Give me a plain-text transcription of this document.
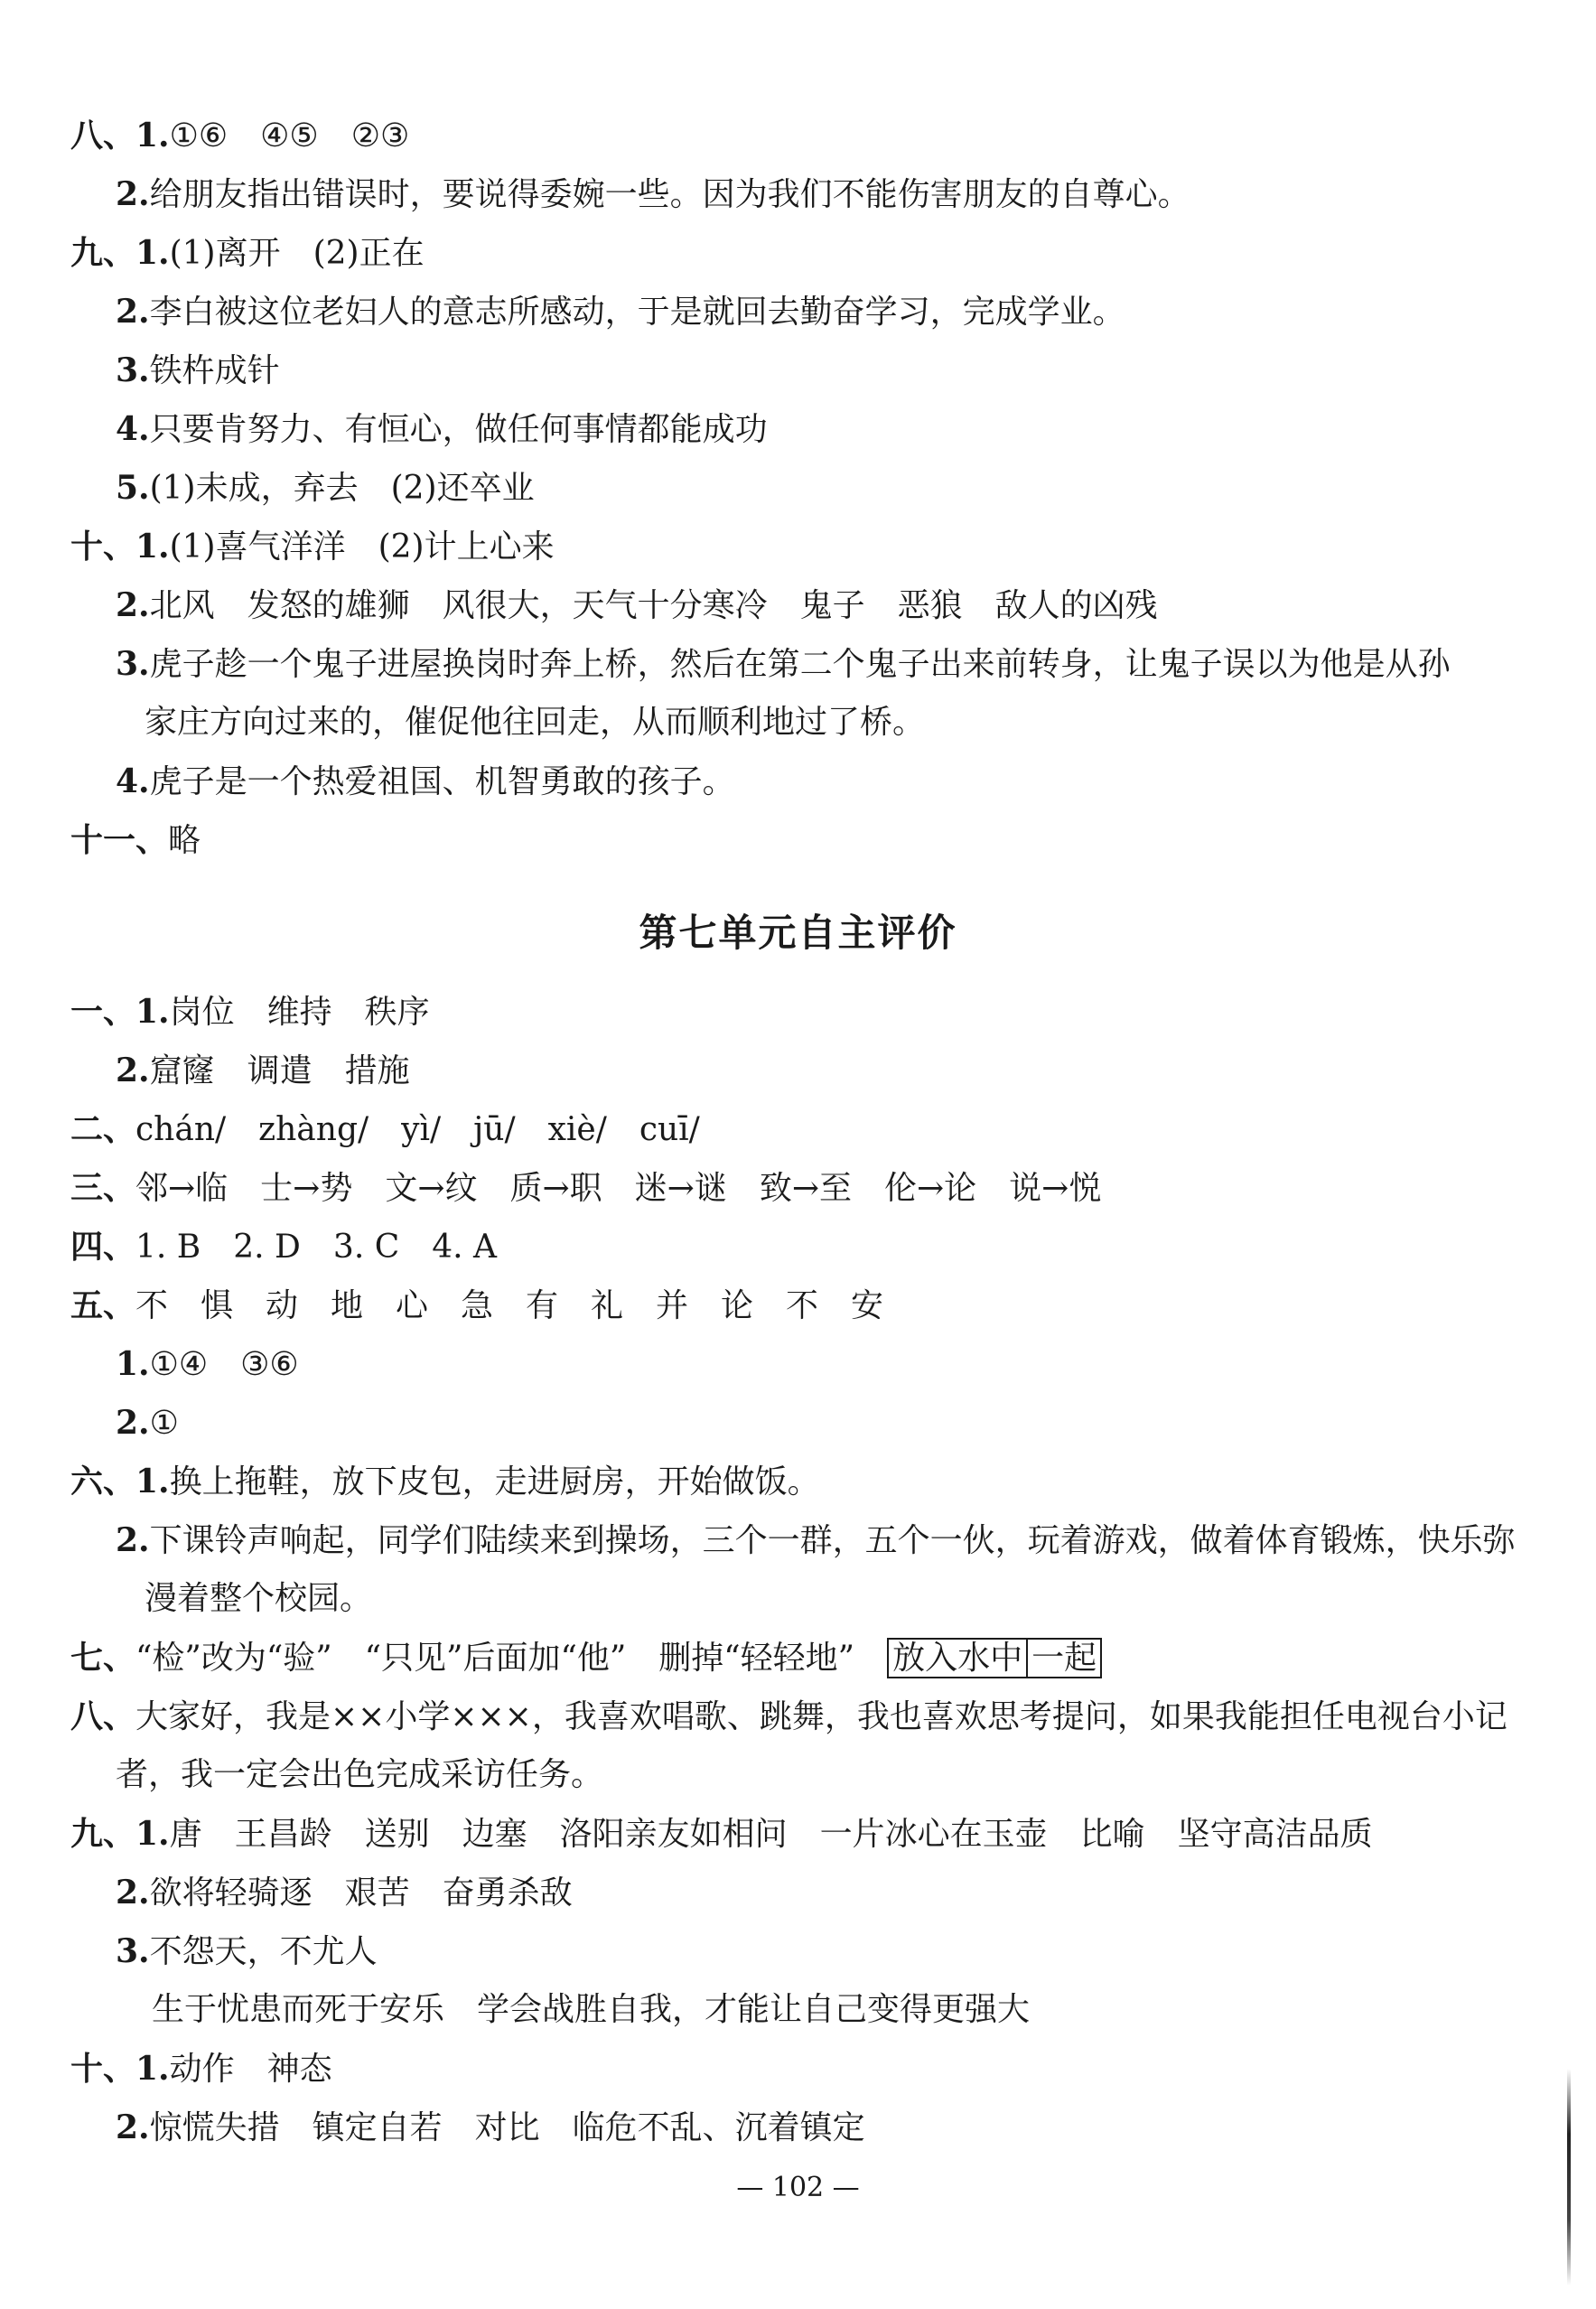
八、1.①⑥　④⑤　②③
2.给朋友指出错误时，要说得委婉一些。因为我们不能伤害朋友的自尊心。
九、1.(1)离开　(2)正在
2.李白被这位老妇人的意志所感动，于是就回去勤奋学习，完成学业。
3.铁杵成针
4.只要肯努力、有恒心，做任何事情都能成功
5.(1)未成，弃去　(2)还卒业
十、1.(1)喜气洋洋　(2)计上心来
2.北风　发怒的雄狮　风很大，天气十分寒冷　鬼子　恶狼　敌人的凶残
3.虎子趁一个鬼子进屋换岗时奔上桥，然后在第二个鬼子出来前转身，让鬼子误以为他是从孙
家庄方向过来的，催促他往回走，从而顺利地过了桥。
4.虎子是一个热爱祖国、机智勇敢的孩子。
十一、略
第七单元自主评价
一、1.岗位　维持　秩序
2.窟窿　调遣　措施
二、chán/　zhàng/　yì/　jū/　xiè/　cuī/
三、邻→临　士→势　文→纹　质→职　迷→谜　致→至　伦→论　说→悦
四、1. B　2. D　3. C　4. A
五、不　惧　动　地　心　急　有　礼　并　论　不　安
1.①④　③⑥
2.①
六、1.换上拖鞋，放下皮包，走进厨房，开始做饭。
2.下课铃声响起，同学们陆续来到操场，三个一群，五个一伙，玩着游戏，做着体育锻炼，快乐弥
漫着整个校园。
七、“检”改为“验”　“只见”后面加“他”　删掉“轻轻地”　放入水中 一起
八、大家好，我是××小学×××，我喜欢唱歌、跳舞，我也喜欢思考提问，如果我能担任电视台小记
者，我一定会出色完成采访任务。
九、1.唐　王昌龄　送别　边塞　洛阳亲友如相问　一片冰心在玉壶　比喻　坚守高洁品质
2.欲将轻骑逐　艰苦　奋勇杀敌
3.不怨天，不尤人
生于忧患而死于安乐　学会战胜自我，才能让自己变得更强大
十、1.动作　神态
2.惊慌失措　镇定自若　对比　临危不乱、沉着镇定
— 102 —
